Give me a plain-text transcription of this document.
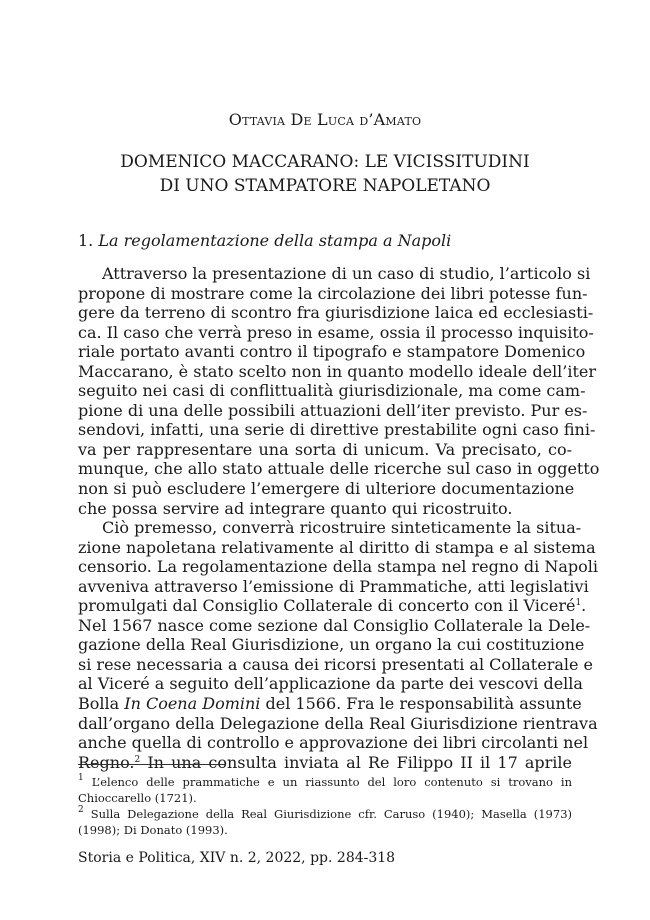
Ottavia De Luca d’Amato
DOMENICO MACCARANO: LE VICISSITUDINI
DI UNO STAMPATORE NAPOLETANO
1. La regolamentazione della stampa a Napoli
Attraverso la presentazione di un caso di studio, l’articolo si
propone di mostrare come la circolazione dei libri potesse fun-
gere da terreno di scontro fra giurisdizione laica ed ecclesiasti-
ca. Il caso che verrà preso in esame, ossia il processo inquisito-
riale portato avanti contro il tipografo e stampatore Domenico
Maccarano, è stato scelto non in quanto modello ideale dell’iter
seguito nei casi di conflittualità giurisdizionale, ma come cam-
pione di una delle possibili attuazioni dell’iter previsto. Pur es-
sendovi, infatti, una serie di direttive prestabilite ogni caso fini-
va per rappresentare una sorta di unicum. Va precisato, co-
munque, che allo stato attuale delle ricerche sul caso in oggetto
non si può escludere l’emergere di ulteriore documentazione
che possa servire ad integrare quanto qui ricostruito.
Ciò premesso, converrà ricostruire sinteticamente la situa-
zione napoletana relativamente al diritto di stampa e al sistema
censorio. La regolamentazione della stampa nel regno di Napoli
avveniva attraverso l’emissione di Prammatiche, atti legislativi
promulgati dal Consiglio Collaterale di concerto con il Viceré$^1$.
Nel 1567 nasce come sezione dal Consiglio Collaterale la Dele-
gazione della Real Giurisdizione, un organo la cui costituzione
si rese necessaria a causa dei ricorsi presentati al Collaterale e
al Viceré a seguito dell’applicazione da parte dei vescovi della
Bolla In Coena Domini del 1566. Fra le responsabilità assunte
dall’organo della Delegazione della Real Giurisdizione rientrava
anche quella di controllo e approvazione dei libri circolanti nel
Regno.$^2$ In una consulta inviata al Re Filippo II il 17 aprile
$^1$ L’elenco delle prammatiche e un riassunto del loro contenuto si trovano in
Chioccarello (1721).
$^2$ Sulla Delegazione della Real Giurisdizione cfr. Caruso (1940); Masella (1973)
(1998); Di Donato (1993).
Storia e Politica, XIV n. 2, 2022, pp. 284-318
